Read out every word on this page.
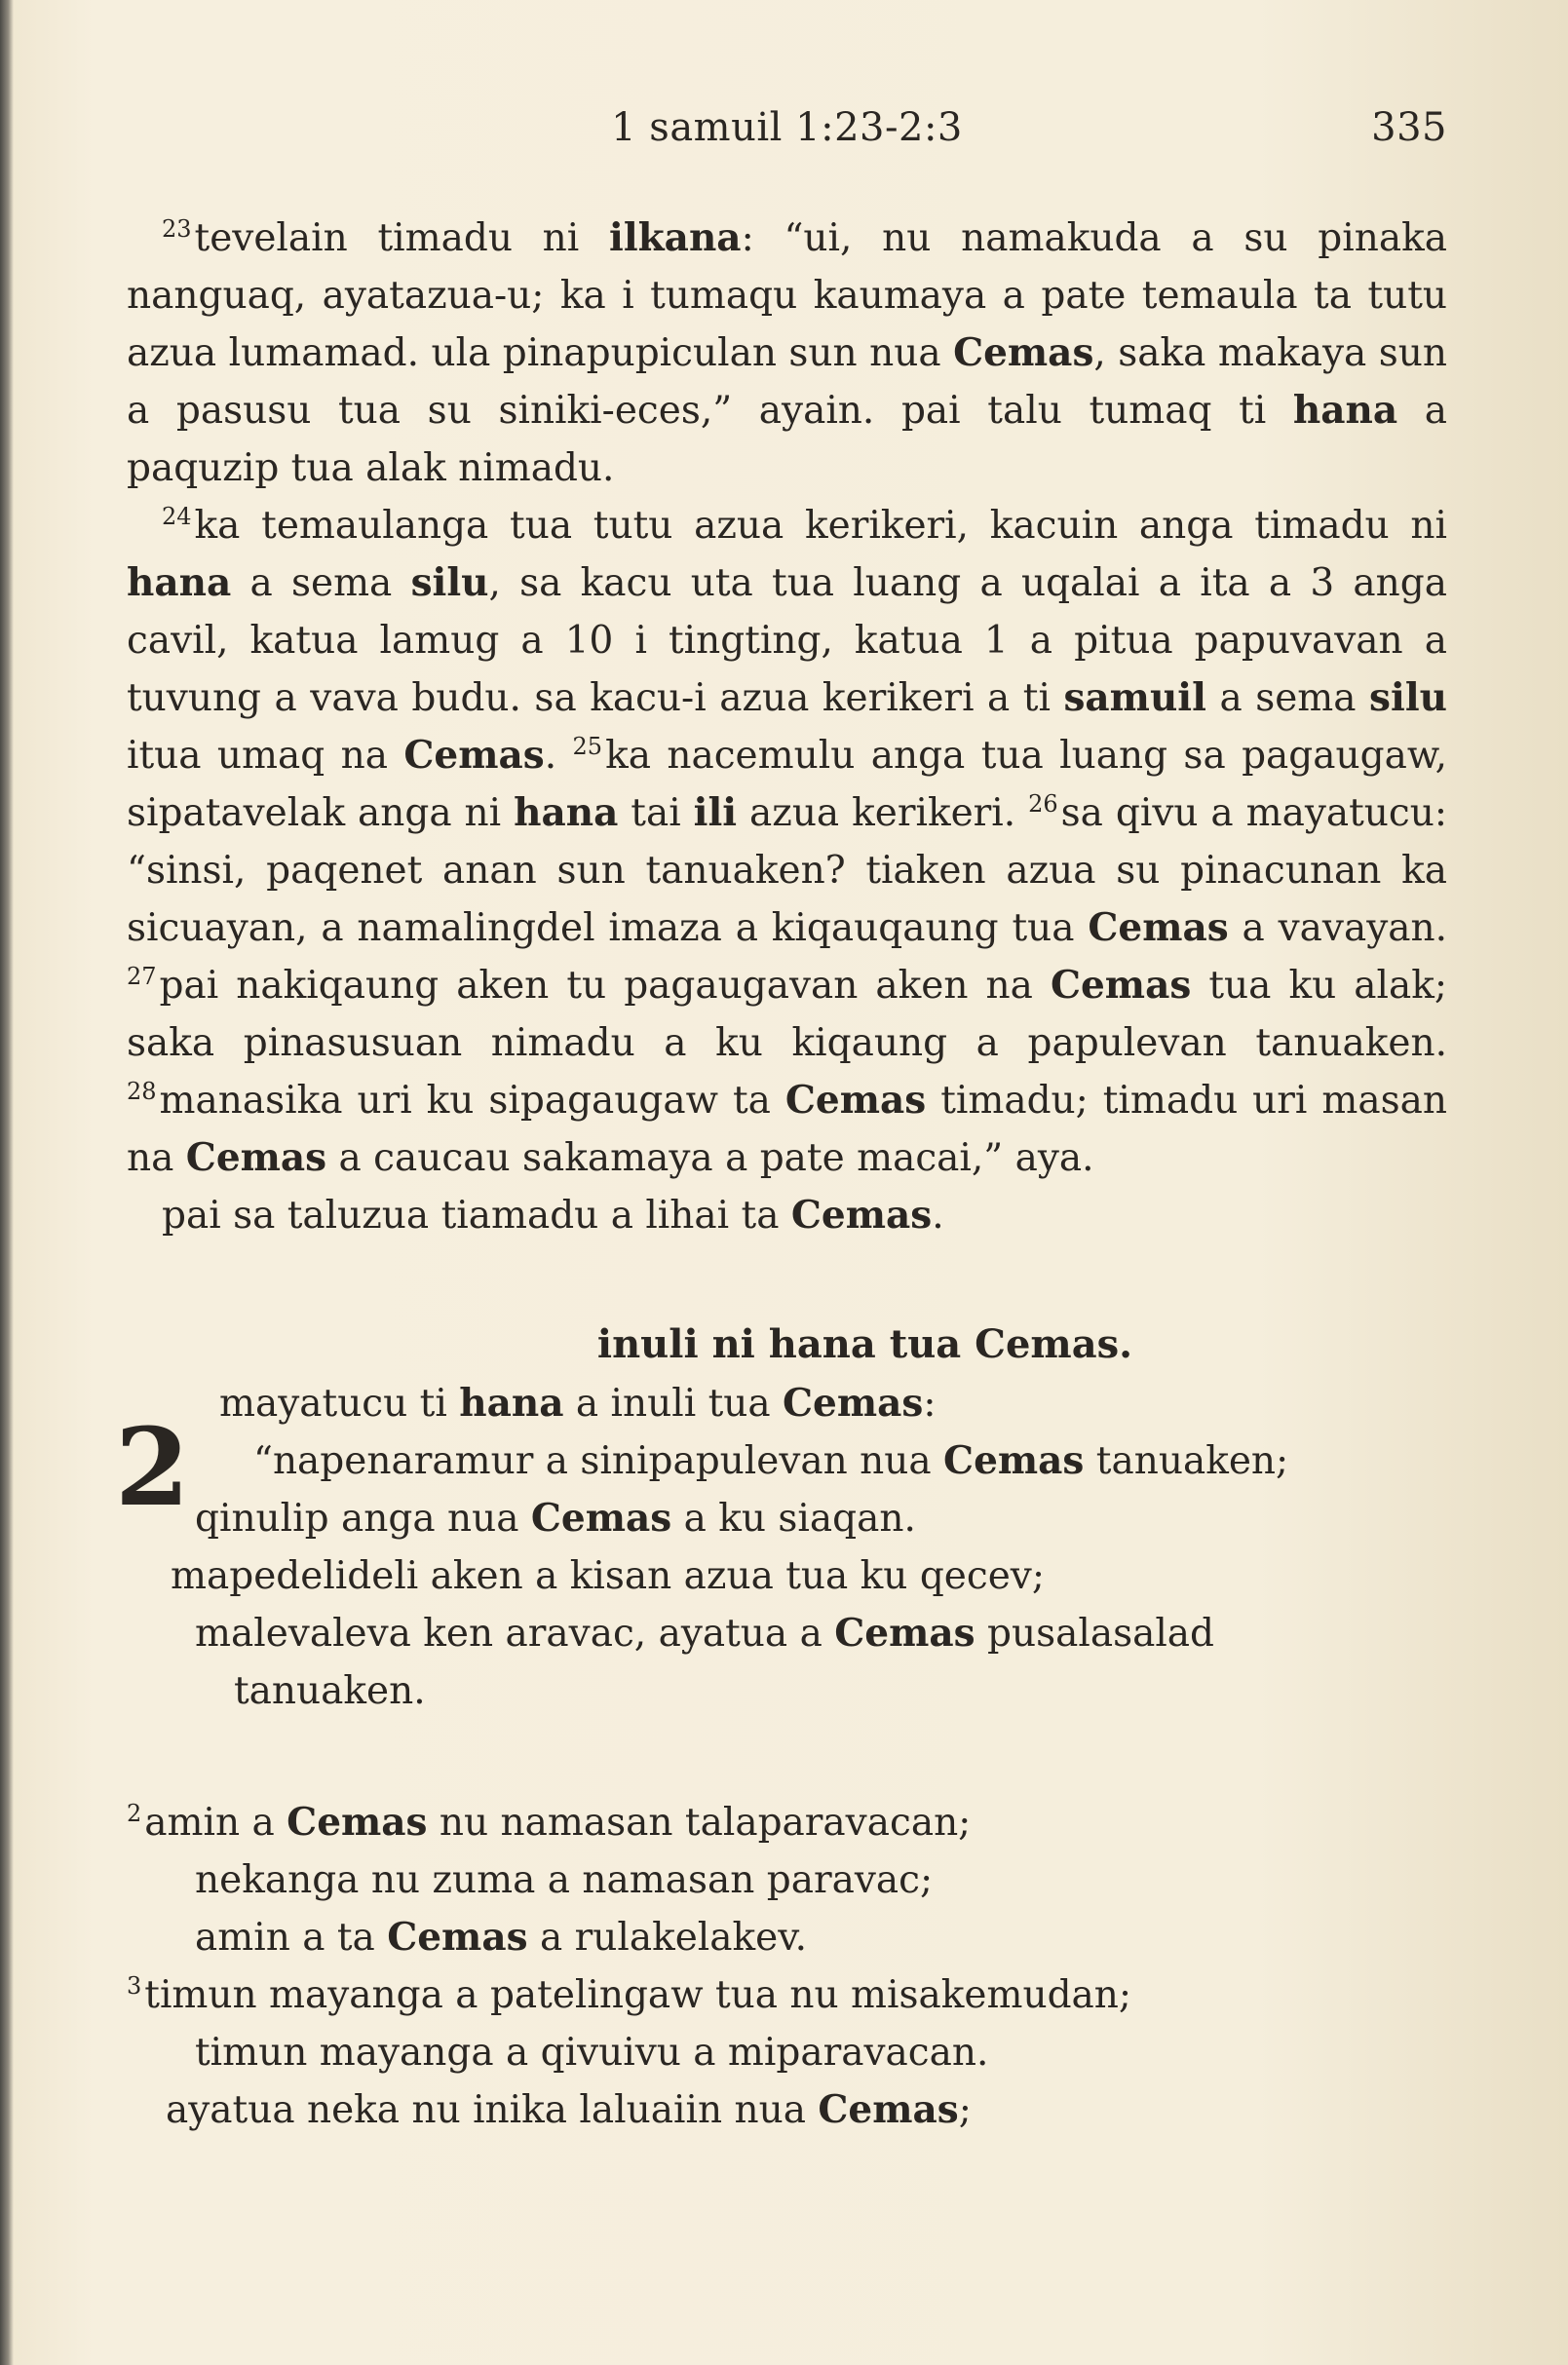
1 samuil 1:23-2:3	335

$^{23}$tevelain timadu ni ilkana: “ui, nu namakuda a su pinaka nanguaq, ayatazua-u; ka i tumaqu kaumaya a pate temaula ta tutu azua lumamad. ula pinapupiculan sun nua Cemas, saka makaya sun a pasusu tua su siniki-eces,” ayain. pai talu tumaq ti hana a paquzip tua alak nimadu.

$^{24}$ka temaulanga tua tutu azua kerikeri, kacuin anga timadu ni hana a sema silu, sa kacu uta tua luang a uqalai a ita a 3 anga cavil, katua lamug a 10 i tingting, katua 1 a pitua papuvavan a tuvung a vava budu. sa kacu-i azua kerikeri a ti samuil a sema silu itua umaq na Cemas. $^{25}$ka nacemulu anga tua luang sa pagaugaw, sipatavelak anga ni hana tai ili azua kerikeri. $^{26}$sa qivu a mayatucu: “sinsi, paqenet anan sun tanuaken? tiaken azua su pinacunan ka sicuayan, a namalingdel imaza a kiqauqaung tua Cemas a vavayan. $^{27}$pai nakiqaung aken tu pagaugavan aken na Cemas tua ku alak; saka pinasusuan nimadu a ku kiqaung a papulevan tanuaken. $^{28}$manasika uri ku sipagaugaw ta Cemas timadu; timadu uri masan na Cemas a caucau sakamaya a pate macai,” aya.

pai sa taluzua tiamadu a lihai ta Cemas.

inuli ni hana tua Cemas.
2
mayatucu ti hana a inuli tua Cemas:
“napenaramur a sinipapulevan nua Cemas tanuaken;
qinulip anga nua Cemas a ku siaqan.
mapedelideli aken a kisan azua tua ku qecev;
malevaleva ken aravac, ayatua a Cemas pusalasalad
tanuaken.
$^2$amin a Cemas nu namasan talaparavacan;
nekanga nu zuma a namasan paravac;
amin a ta Cemas a rulakelakev.
$^3$timun mayanga a patelingaw tua nu misakemudan;
timun mayanga a qivuivu a miparavacan.
ayatua neka nu inika laluaiin nua Cemas;
